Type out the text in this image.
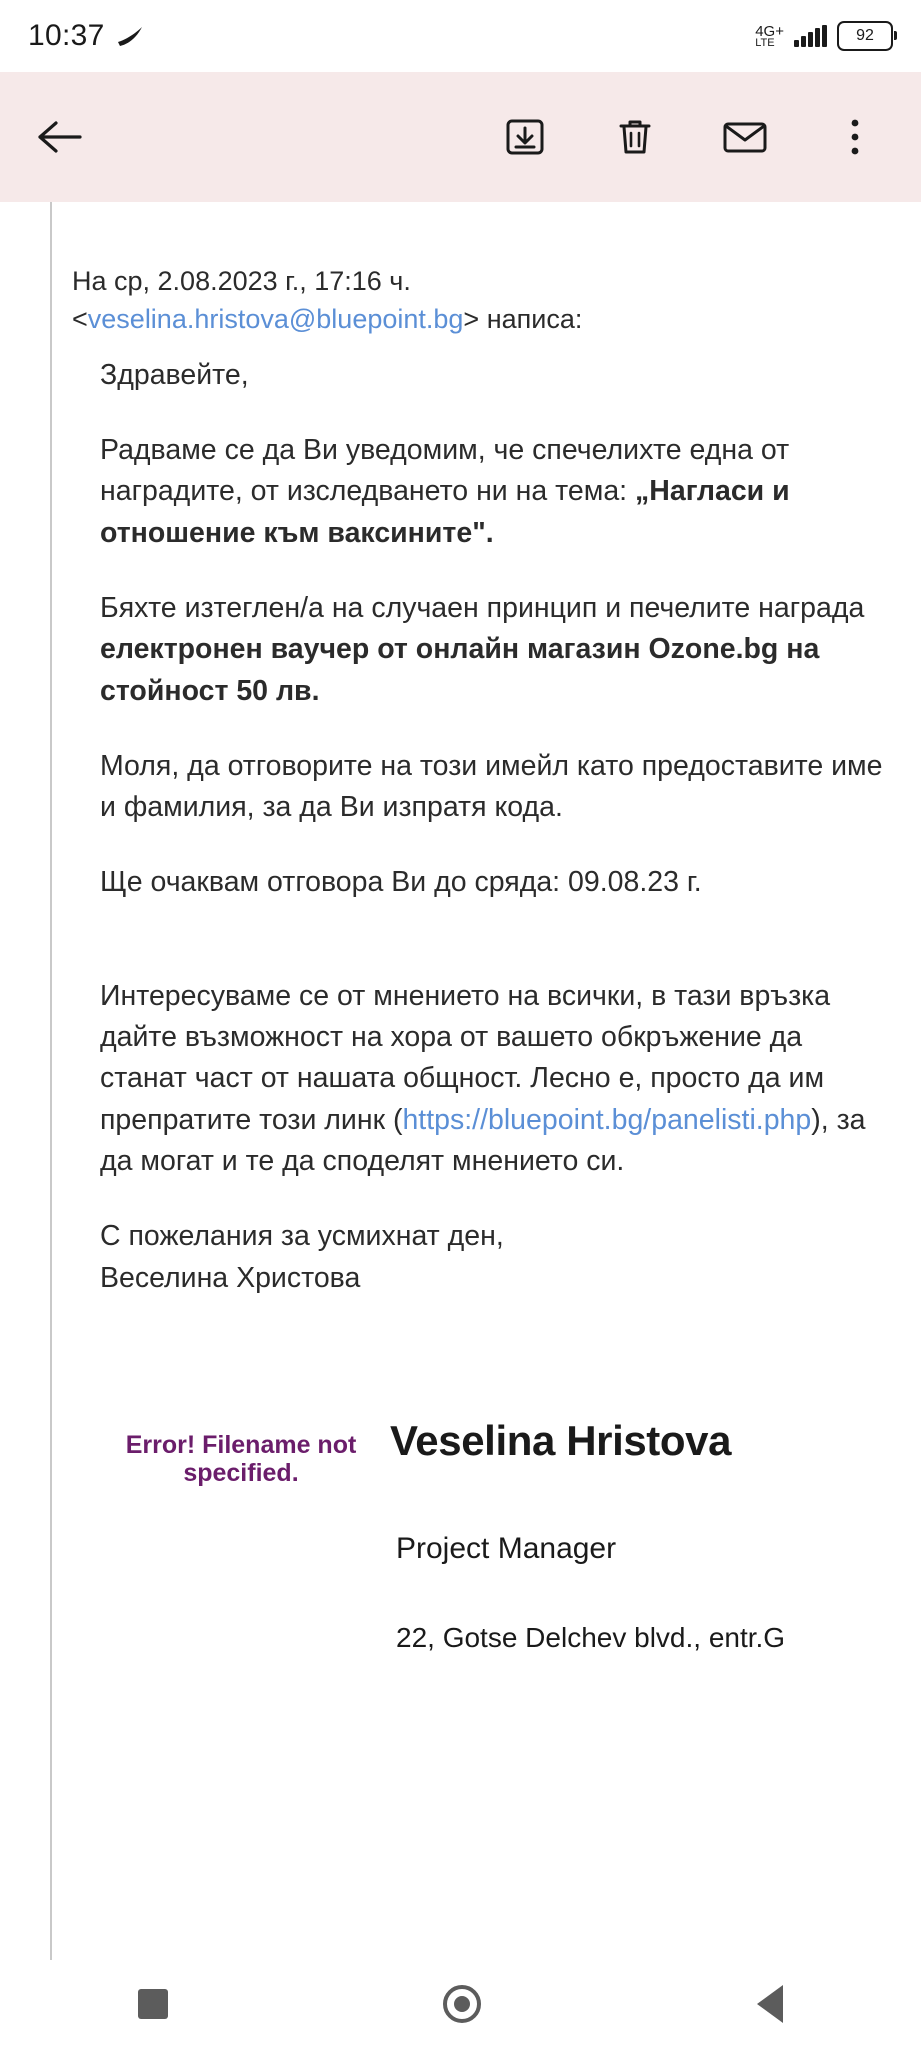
10:37	4G+
LTE	92
На ср, 2.08.2023 г., 17:16 ч.
<veselina.hristova@bluepoint.bg> написа:

Здравейте,

Радваме се да Ви уведомим, че спечелихте една от наградите, от изследването ни на тема: „Нагласи и отношение към ваксините".

Бяхте изтеглен/а на случаен принцип и печелите награда електронен ваучер от онлайн магазин Ozone.bg на стойност 50 лв.

Моля, да отговорите на този имейл като предоставите име и фамилия, за да Ви изпратя кода.

Ще очаквам отговора Ви до сряда: 09.08.23 г.

Интересуваме се от мнението на всички, в тази връзка дайте възможност на хора от вашето обкръжение да станат част от нашата общност. Лесно е, просто да им препратите този линк (https://bluepoint.bg/panelisti.php), за да могат и те да споделят мнението си.

С пожелания за усмихнат ден,

Веселина Христова

Error! Filename not specified.
Veselina Hristova
Project Manager
22, Gotse Delchev blvd., entr.G
